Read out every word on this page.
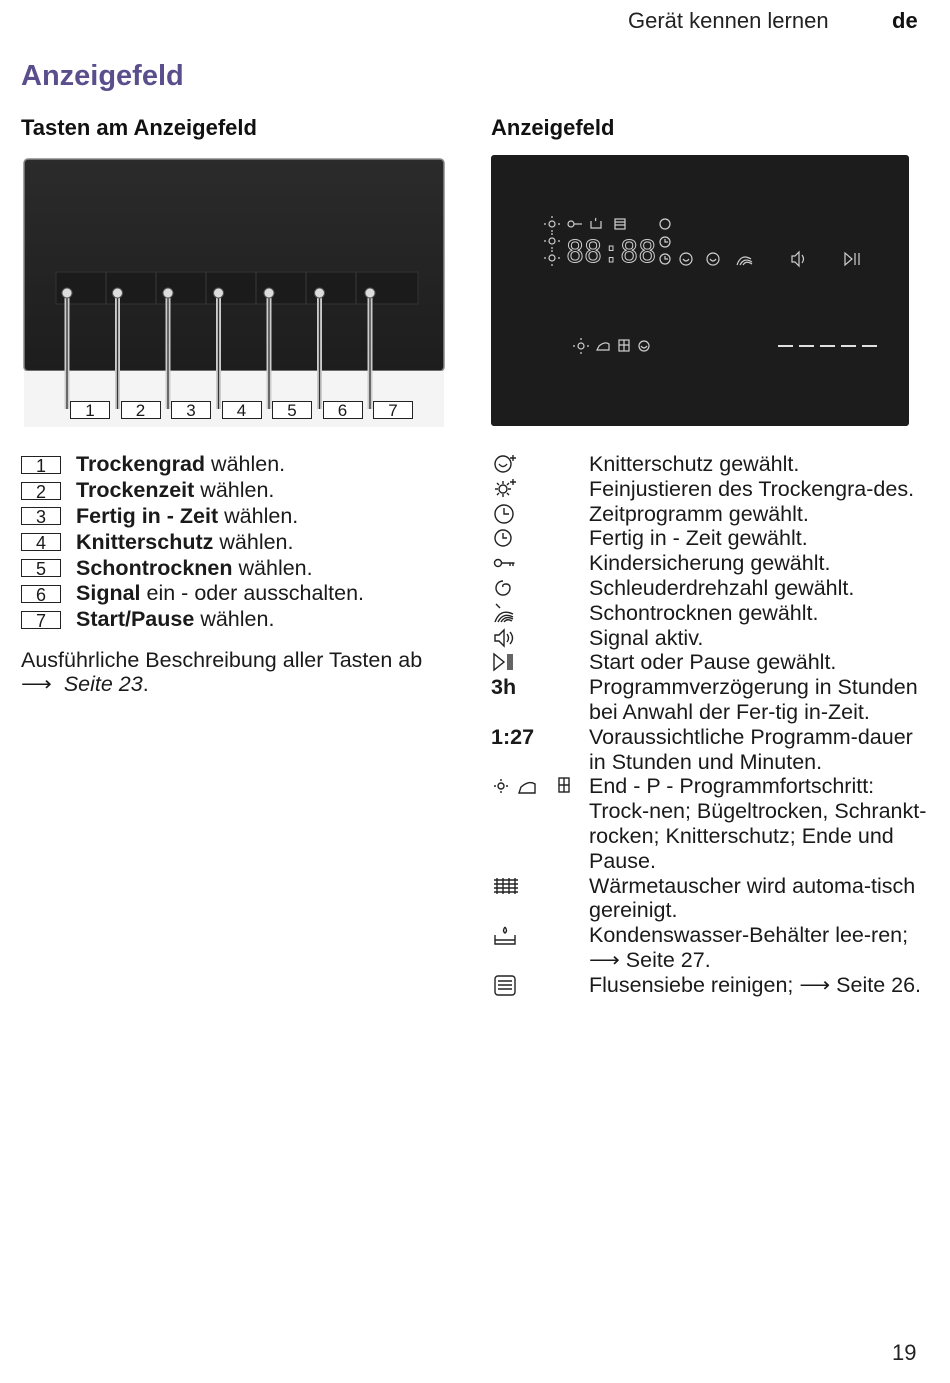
Gerät kennen lernen	de
Anzeigefeld
Tasten am Anzeigefeld	Anzeigefeld
1	2	3	4	5	6	7
88:88
1	Trockengrad wählen.
2	Trockenzeit wählen.
3	Fertig in - Zeit wählen.
4	Knitterschutz wählen.
5	Schontrocknen wählen.
6	Signal ein - oder ausschalten.
7	Start/Pause wählen.
Ausführliche Beschreibung aller Tasten ab
⟶ Seite 23.
Knitterschutz gewählt.
Feinjustieren des Trockengra-des.
Zeitprogramm gewählt.
Fertig in - Zeit gewählt.
Kindersicherung gewählt.
Schleuderdrehzahl gewählt.
Schontrocknen gewählt.
Signal aktiv.
Start oder Pause gewählt.
3h	Programmverzögerung in Stunden bei Anwahl der Fer-tig in-Zeit.
1:27	Voraussichtliche Programm-dauer in Stunden und Minuten.
End - P - Programmfortschritt: Trock-nen; Bügeltrocken, Schrankt-rocken; Knitterschutz; Ende und Pause.
Wärmetauscher wird automa-tisch gereinigt.
Kondenswasser-Behälter lee-ren; ⟶ Seite 27.
Flusensiebe reinigen; ⟶ Seite 26.
19
